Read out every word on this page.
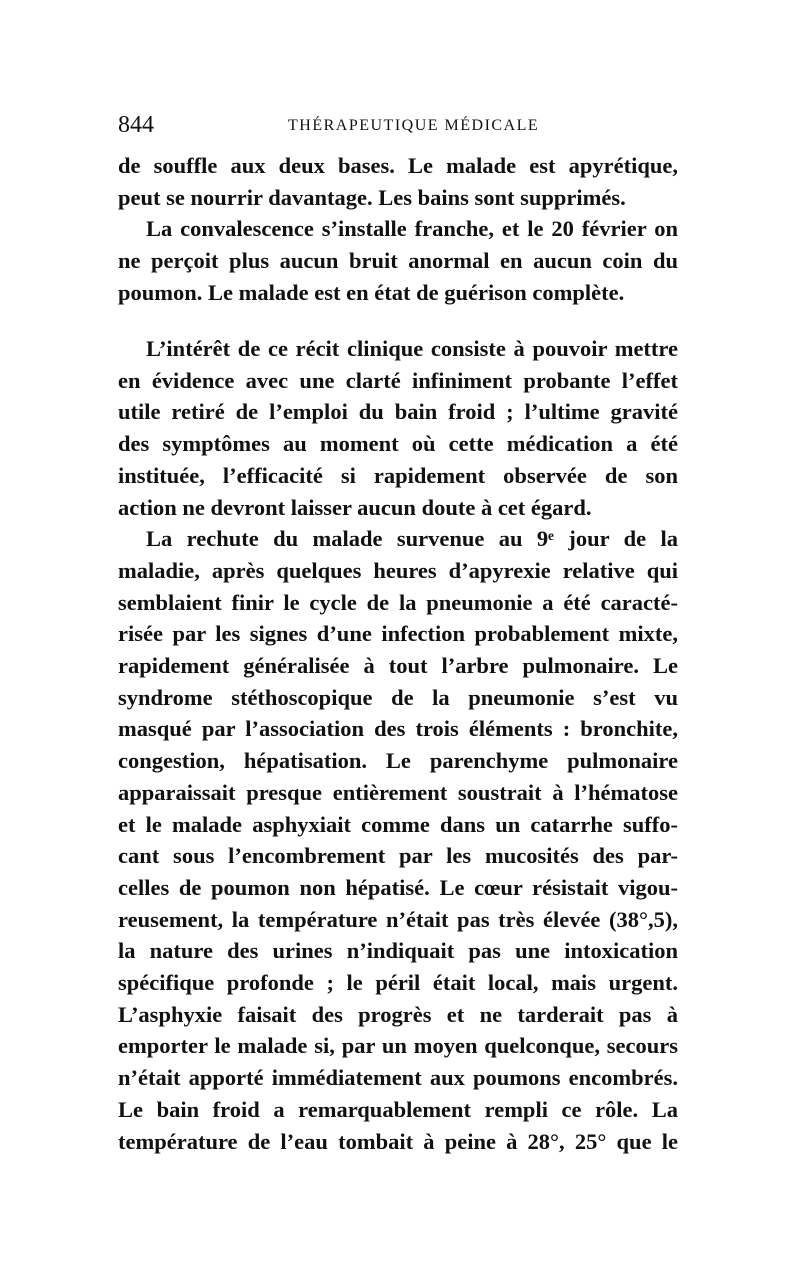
844	THÉRAPEUTIQUE MÉDICALE
de souffle aux deux bases. Le malade est apyrétique,
peut se nourrir davantage. Les bains sont supprimés.
La convalescence s’installe franche, et le 20 février on
ne perçoit plus aucun bruit anormal en aucun coin du
poumon. Le malade est en état de guérison complète.
L’intérêt de ce récit clinique consiste à pouvoir mettre
en évidence avec une clarté infiniment probante l’effet
utile retiré de l’emploi du bain froid ; l’ultime gravité
des symptômes au moment où cette médication a été
instituée, l’efficacité si rapidement observée de son
action ne devront laisser aucun doute à cet égard.
La rechute du malade survenue au 9ᵉ jour de la
maladie, après quelques heures d’apyrexie relative qui
semblaient finir le cycle de la pneumonie a été caracté-
risée par les signes d’une infection probablement mixte,
rapidement généralisée à tout l’arbre pulmonaire. Le
syndrome stéthoscopique de la pneumonie s’est vu
masqué par l’association des trois éléments : bronchite,
congestion, hépatisation. Le parenchyme pulmonaire
apparaissait presque entièrement soustrait à l’hématose
et le malade asphyxiait comme dans un catarrhe suffo-
cant sous l’encombrement par les mucosités des par-
celles de poumon non hépatisé. Le cœur résistait vigou-
reusement, la température n’était pas très élevée (38°,5),
la nature des urines n’indiquait pas une intoxication
spécifique profonde ; le péril était local, mais urgent.
L’asphyxie faisait des progrès et ne tarderait pas à
emporter le malade si, par un moyen quelconque, secours
n’était apporté immédiatement aux poumons encombrés.
Le bain froid a remarquablement rempli ce rôle. La
température de l’eau tombait à peine à 28°, 25° que le
